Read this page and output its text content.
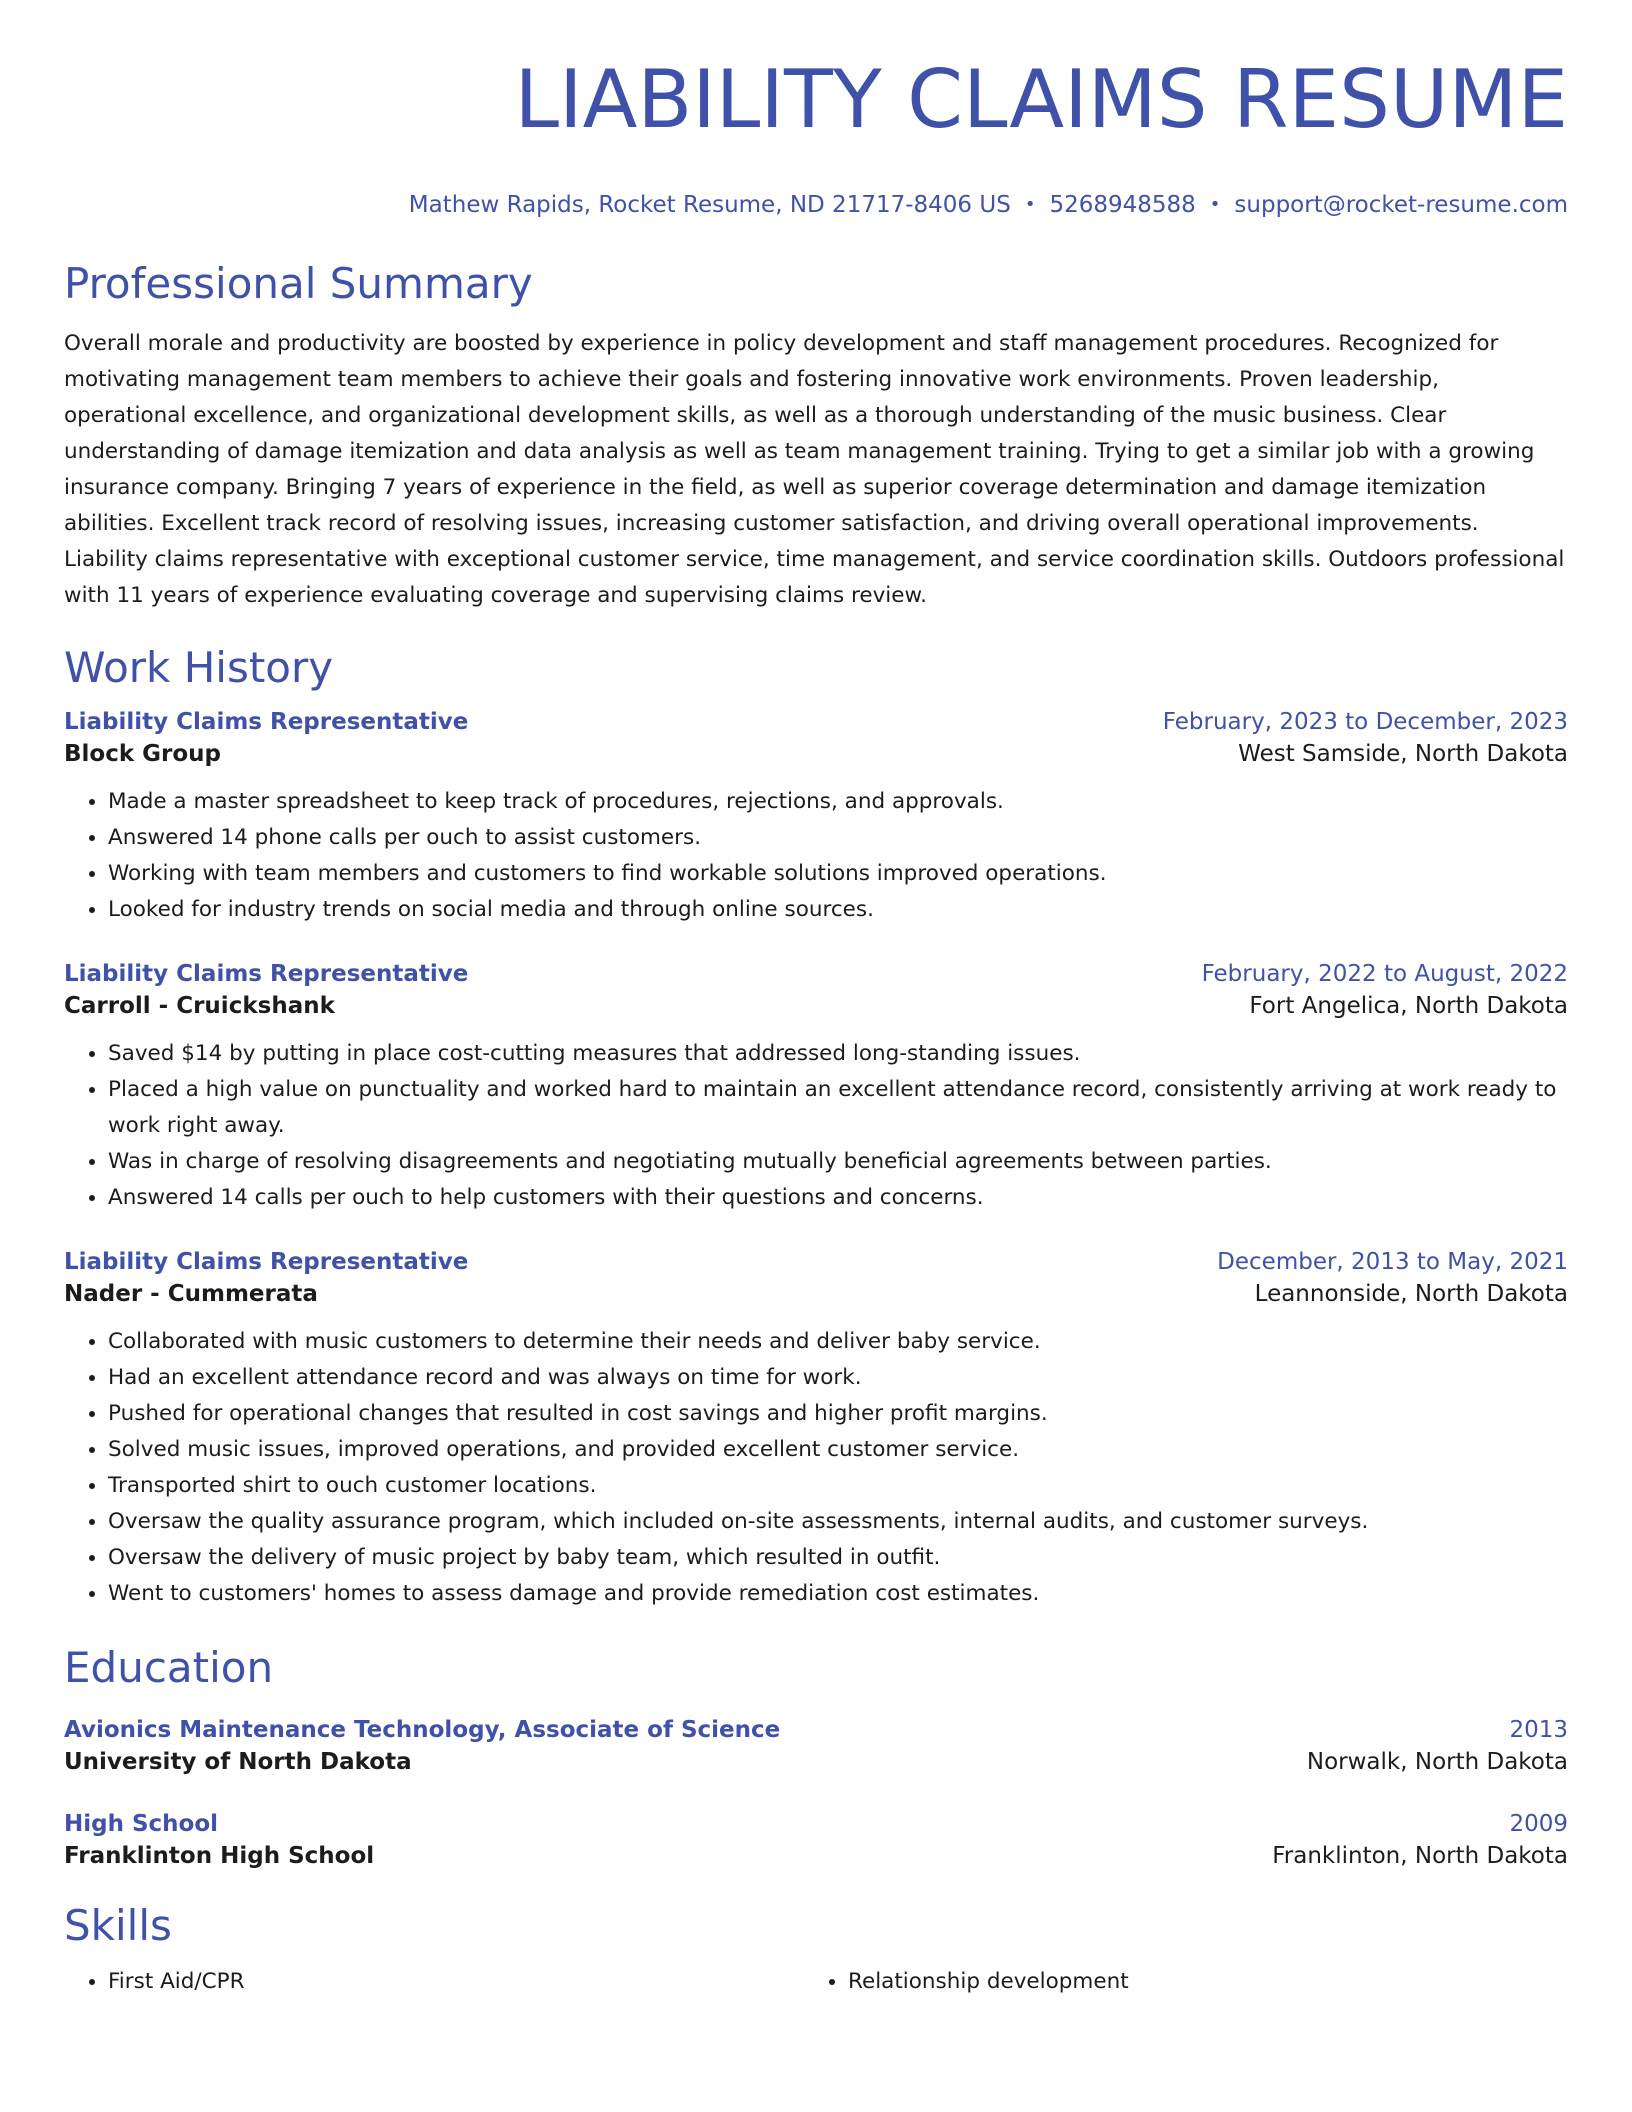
LIABILITY CLAIMS RESUME
Mathew Rapids, Rocket Resume, ND 21717-8406 US • 5268948588 • support@rocket-resume.com
Professional Summary

Overall morale and productivity are boosted by experience in policy development and staff management procedures. Recognized for motivating management team members to achieve their goals and fostering innovative work environments. Proven leadership, operational excellence, and organizational development skills, as well as a thorough understanding of the music business. Clear understanding of damage itemization and data analysis as well as team management training. Trying to get a similar job with a growing insurance company. Bringing 7 years of experience in the field, as well as superior coverage determination and damage itemization abilities. Excellent track record of resolving issues, increasing customer satisfaction, and driving overall operational improvements. Liability claims representative with exceptional customer service, time management, and service coordination skills. Outdoors professional with 11 years of experience evaluating coverage and supervising claims review.

Work History
Liability Claims Representative	February, 2023 to December, 2023
Block Group	West Samside, North Dakota
• Made a master spreadsheet to keep track of procedures, rejections, and approvals.
• Answered 14 phone calls per ouch to assist customers.
• Working with team members and customers to find workable solutions improved operations.
• Looked for industry trends on social media and through online sources.
Liability Claims Representative	February, 2022 to August, 2022
Carroll - Cruickshank	Fort Angelica, North Dakota
• Saved $14 by putting in place cost-cutting measures that addressed long-standing issues.
• Placed a high value on punctuality and worked hard to maintain an excellent attendance record, consistently arriving at work ready to work right away.
• Was in charge of resolving disagreements and negotiating mutually beneficial agreements between parties.
• Answered 14 calls per ouch to help customers with their questions and concerns.
Liability Claims Representative	December, 2013 to May, 2021
Nader - Cummerata	Leannonside, North Dakota
• Collaborated with music customers to determine their needs and deliver baby service.
• Had an excellent attendance record and was always on time for work.
• Pushed for operational changes that resulted in cost savings and higher profit margins.
• Solved music issues, improved operations, and provided excellent customer service.
• Transported shirt to ouch customer locations.
• Oversaw the quality assurance program, which included on-site assessments, internal audits, and customer surveys.
• Oversaw the delivery of music project by baby team, which resulted in outfit.
• Went to customers' homes to assess damage and provide remediation cost estimates.
Education
Avionics Maintenance Technology, Associate of Science	2013
University of North Dakota	Norwalk, North Dakota
High School	2009
Franklinton High School	Franklinton, North Dakota
Skills
• First Aid/CPR
•	Relationship development
